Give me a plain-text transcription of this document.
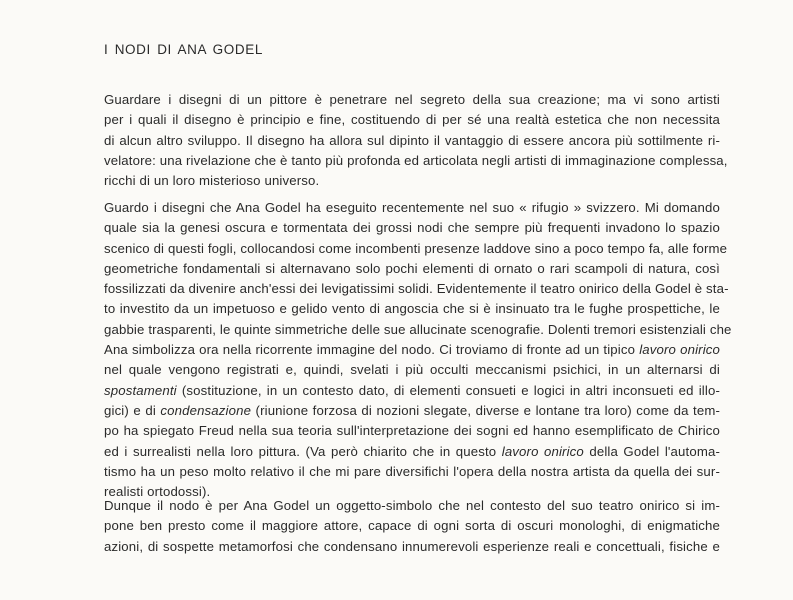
I NODI DI ANA GODEL
Guardare i disegni di un pittore è penetrare nel segreto della sua creazione; ma vi sono artisti
per i quali il disegno è principio e fine, costituendo di per sé una realtà estetica che non necessita
di alcun altro sviluppo. Il disegno ha allora sul dipinto il vantaggio di essere ancora più sottilmente ri-
velatore: una rivelazione che è tanto più profonda ed articolata negli artisti di immaginazione complessa,
ricchi di un loro misterioso universo.
Guardo i disegni che Ana Godel ha eseguito recentemente nel suo « rifugio » svizzero. Mi domando
quale sia la genesi oscura e tormentata dei grossi nodi che sempre più frequenti invadono lo spazio
scenico di questi fogli, collocandosi come incombenti presenze laddove sino a poco tempo fa, alle forme
geometriche fondamentali si alternavano solo pochi elementi di ornato o rari scampoli di natura, così
fossilizzati da divenire anch'essi dei levigatissimi solidi. Evidentemente il teatro onirico della Godel è sta-
to investito da un impetuoso e gelido vento di angoscia che si è insinuato tra le fughe prospettiche, le
gabbie trasparenti, le quinte simmetriche delle sue allucinate scenografie. Dolenti tremori esistenziali che
Ana simbolizza ora nella ricorrente immagine del nodo. Ci troviamo di fronte ad un tipico lavoro onirico
nel quale vengono registrati e, quindi, svelati i più occulti meccanismi psichici, in un alternarsi di
spostamenti (sostituzione, in un contesto dato, di elementi consueti e logici in altri inconsueti ed illo-
gici) e di condensazione (riunione forzosa di nozioni slegate, diverse e lontane tra loro) come da tem-
po ha spiegato Freud nella sua teoria sull'interpretazione dei sogni ed hanno esemplificato de Chirico
ed i surrealisti nella loro pittura. (Va però chiarito che in questo lavoro onirico della Godel l'automa-
tismo ha un peso molto relativo il che mi pare diversifichi l'opera della nostra artista da quella dei sur-
realisti ortodossi).
Dunque il nodo è per Ana Godel un oggetto-simbolo che nel contesto del suo teatro onirico si im-
pone ben presto come il maggiore attore, capace di ogni sorta di oscuri monologhi, di enigmatiche
azioni, di sospette metamorfosi che condensano innumerevoli esperienze reali e concettuali, fisiche e
